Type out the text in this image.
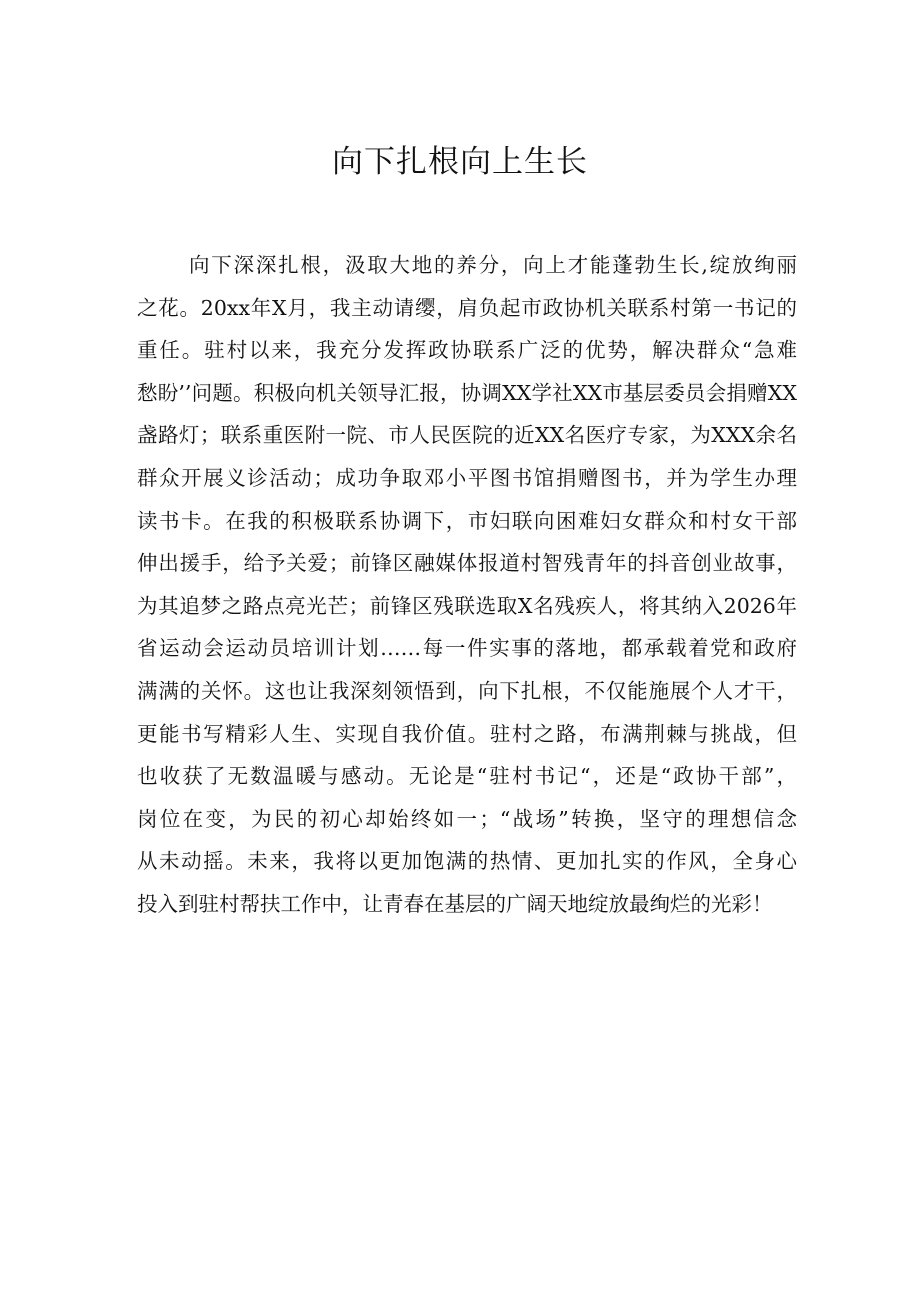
向下扎根向上生长
向下深深扎根，汲取大地的养分，向上才能蓬勃生长,绽放绚丽
之花。20xx年X月，我主动请缨，肩负起市政协机关联系村第一书记的
重任。驻村以来，我充分发挥政协联系广泛的优势，解决群众“急难
愁盼’’问题。积极向机关领导汇报，协调XX学社XX市基层委员会捐赠XX
盏路灯；联系重医附一院、市人民医院的近XX名医疗专家，为XXX余名
群众开展义诊活动；成功争取邓小平图书馆捐赠图书，并为学生办理
读书卡。在我的积极联系协调下，市妇联向困难妇女群众和村女干部
伸出援手，给予关爱；前锋区融媒体报道村智残青年的抖音创业故事，
为其追梦之路点亮光芒；前锋区残联选取X名残疾人，将其纳入2026年
省运动会运动员培训计划……每一件实事的落地，都承载着党和政府
满满的关怀。这也让我深刻领悟到，向下扎根，不仅能施展个人才干，
更能书写精彩人生、实现自我价值。驻村之路，布满荆棘与挑战，但
也收获了无数温暖与感动。无论是“驻村书记“，还是“政协干部”，
岗位在变，为民的初心却始终如一；“战场”转换，坚守的理想信念
从未动摇。未来，我将以更加饱满的热情、更加扎实的作风，全身心
投入到驻村帮扶工作中，让青春在基层的广阔天地绽放最绚烂的光彩！
